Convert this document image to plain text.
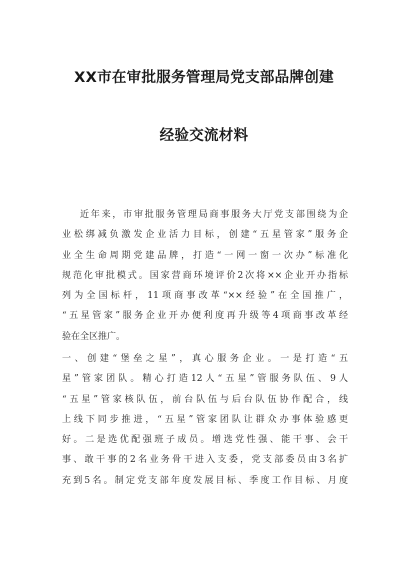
XX市在审批服务管理局党支部品牌创建
经验交流材料
近年来，市审批服务管理局商事服务大厅党支部围绕为企
业松绑减负激发企业活力目标，创建“五星管家”服务企
业全生命周期党建品牌，打造“一网一窗一次办”标准化
规范化审批模式。国家营商环境评价2次将××企业开办指标
列为全国标杆，11项商事改革“××经验”在全国推广，
“五星管家”服务企业开办便利度再升级等4项商事改革经
验在全区推广。
一、创建“堡垒之星”，真心服务企业。一是打造“五
星”管家团队。精心打造12人“五星”管服务队伍、9人
“五星”管家核队伍，前台队伍与后台队伍协作配合，线
上线下同步推进，“五星”管家团队让群众办事体验感更
好。二是选优配强班子成员。增选党性强、能干事、会干
事、敢干事的2名业务骨干进入支委，党支部委员由3名扩
充到5名。制定党支部年度发展目标、季度工作目标、月度
